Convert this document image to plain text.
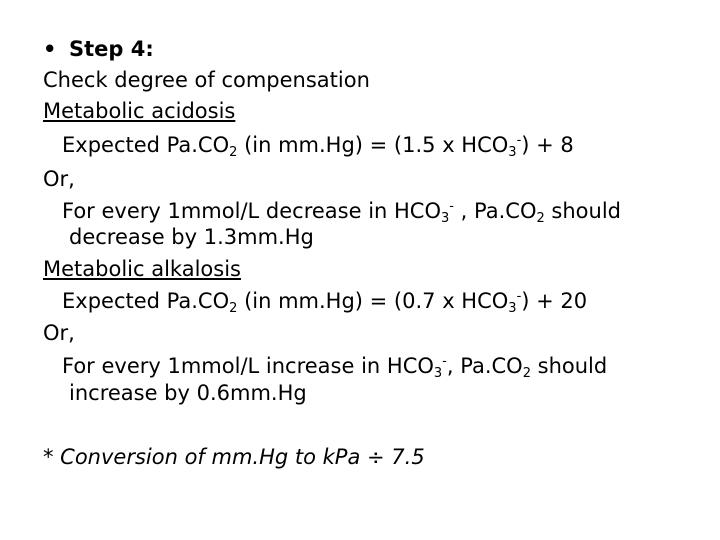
• Step 4:
Check degree of compensation
Metabolic acidosis
Expected $Pa.CO_2$ (in mm.Hg) = (1.5 x $HCO_3^-) + 8$
Or,
For every 1mmol/L decrease in $HCO_3^-$ , $Pa.CO_2$ should
decrease by 1.3mm.Hg
Metabolic alkalosis
Expected $Pa.CO_2$ (in mm.Hg) = (0.7 x $HCO_3^-) + 20$
Or,
For every 1mmol/L increase in $HCO_3^-$, $Pa.CO_2$ should
increase by 0.6mm.Hg
* Conversion of mm.Hg to kPa ÷ 7.5
